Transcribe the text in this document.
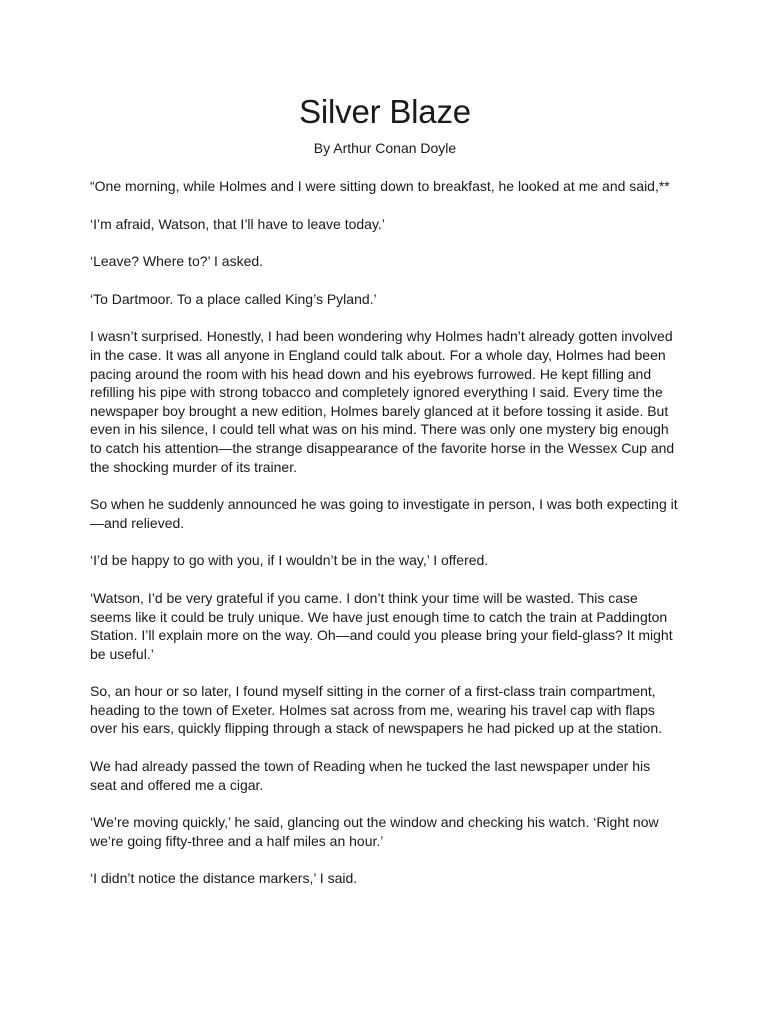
Silver Blaze

By Arthur Conan Doyle

“One morning, while Holmes and I were sitting down to breakfast, he looked at me and said,**

‘I’m afraid, Watson, that I’ll have to leave today.’

‘Leave? Where to?’ I asked.

‘To Dartmoor. To a place called King’s Pyland.’

I wasn’t surprised. Honestly, I had been wondering why Holmes hadn’t already gotten involved in the case. It was all anyone in England could talk about. For a whole day, Holmes had been pacing around the room with his head down and his eyebrows furrowed. He kept filling and refilling his pipe with strong tobacco and completely ignored everything I said. Every time the newspaper boy brought a new edition, Holmes barely glanced at it before tossing it aside. But even in his silence, I could tell what was on his mind. There was only one mystery big enough to catch his attention—the strange disappearance of the favorite horse in the Wessex Cup and the shocking murder of its trainer.

So when he suddenly announced he was going to investigate in person, I was both expecting it—and relieved.

‘I’d be happy to go with you, if I wouldn’t be in the way,’ I offered.

‘Watson, I’d be very grateful if you came. I don’t think your time will be wasted. This case seems like it could be truly unique. We have just enough time to catch the train at Paddington Station. I’ll explain more on the way. Oh—and could you please bring your field-glass? It might be useful.’

So, an hour or so later, I found myself sitting in the corner of a first-class train compartment, heading to the town of Exeter. Holmes sat across from me, wearing his travel cap with flaps over his ears, quickly flipping through a stack of newspapers he had picked up at the station.

We had already passed the town of Reading when he tucked the last newspaper under his seat and offered me a cigar.

‘We’re moving quickly,’ he said, glancing out the window and checking his watch. ‘Right now we’re going fifty-three and a half miles an hour.’

‘I didn’t notice the distance markers,’ I said.
